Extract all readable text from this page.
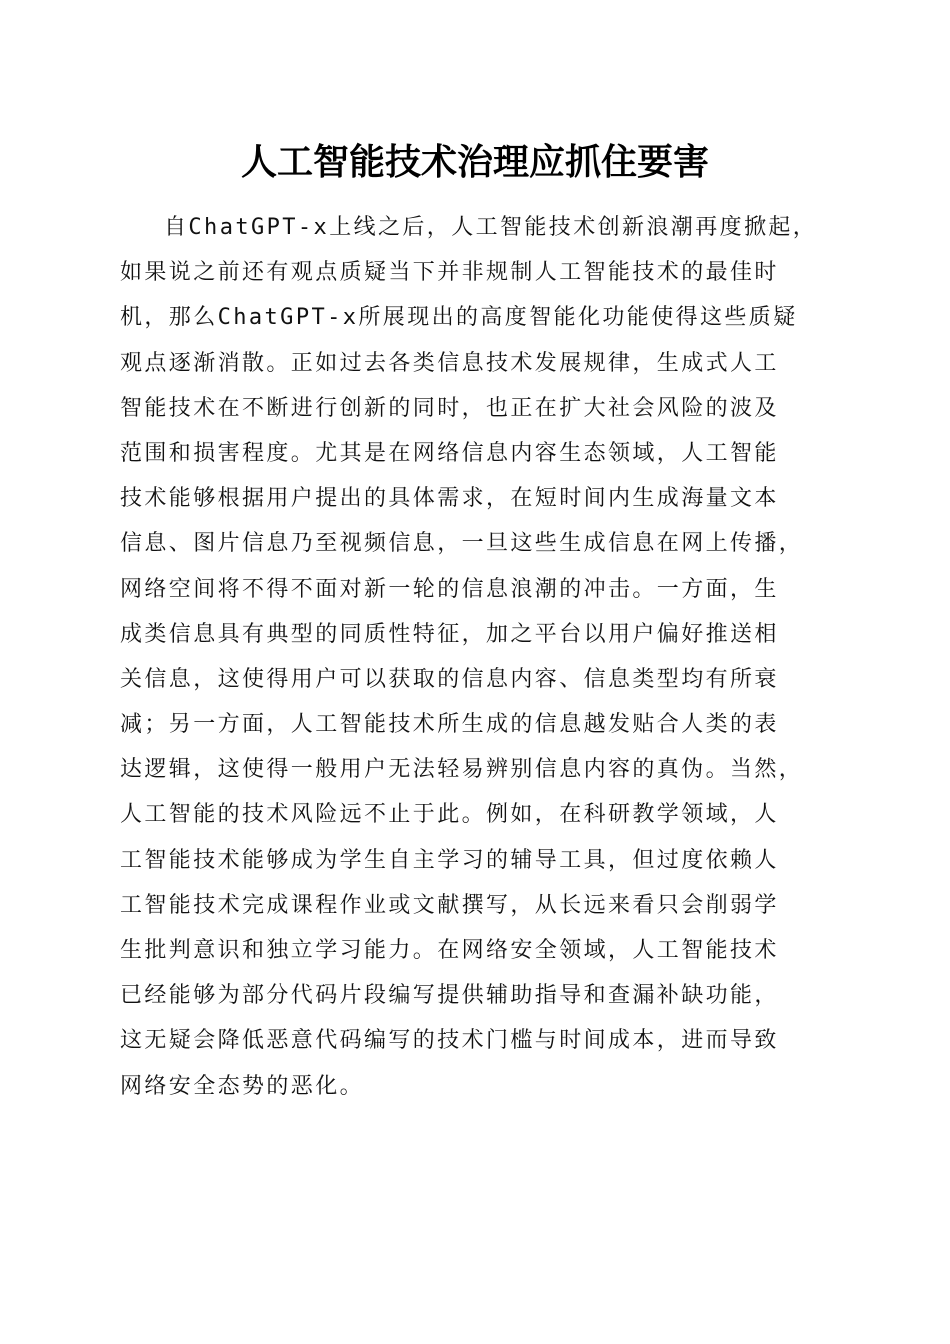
人工智能技术治理应抓住要害
自ChatGPT-x上线之后，人工智能技术创新浪潮再度掀起，
如果说之前还有观点质疑当下并非规制人工智能技术的最佳时
机，那么ChatGPT-x所展现出的高度智能化功能使得这些质疑
观点逐渐消散。正如过去各类信息技术发展规律，生成式人工
智能技术在不断进行创新的同时，也正在扩大社会风险的波及
范围和损害程度。尤其是在网络信息内容生态领域，人工智能
技术能够根据用户提出的具体需求，在短时间内生成海量文本
信息、图片信息乃至视频信息，一旦这些生成信息在网上传播，
网络空间将不得不面对新一轮的信息浪潮的冲击。一方面，生
成类信息具有典型的同质性特征，加之平台以用户偏好推送相
关信息，这使得用户可以获取的信息内容、信息类型均有所衰
减；另一方面，人工智能技术所生成的信息越发贴合人类的表
达逻辑，这使得一般用户无法轻易辨别信息内容的真伪。当然，
人工智能的技术风险远不止于此。例如，在科研教学领域，人
工智能技术能够成为学生自主学习的辅导工具，但过度依赖人
工智能技术完成课程作业或文献撰写，从长远来看只会削弱学
生批判意识和独立学习能力。在网络安全领域，人工智能技术
已经能够为部分代码片段编写提供辅助指导和查漏补缺功能，
这无疑会降低恶意代码编写的技术门槛与时间成本，进而导致
网络安全态势的恶化。
